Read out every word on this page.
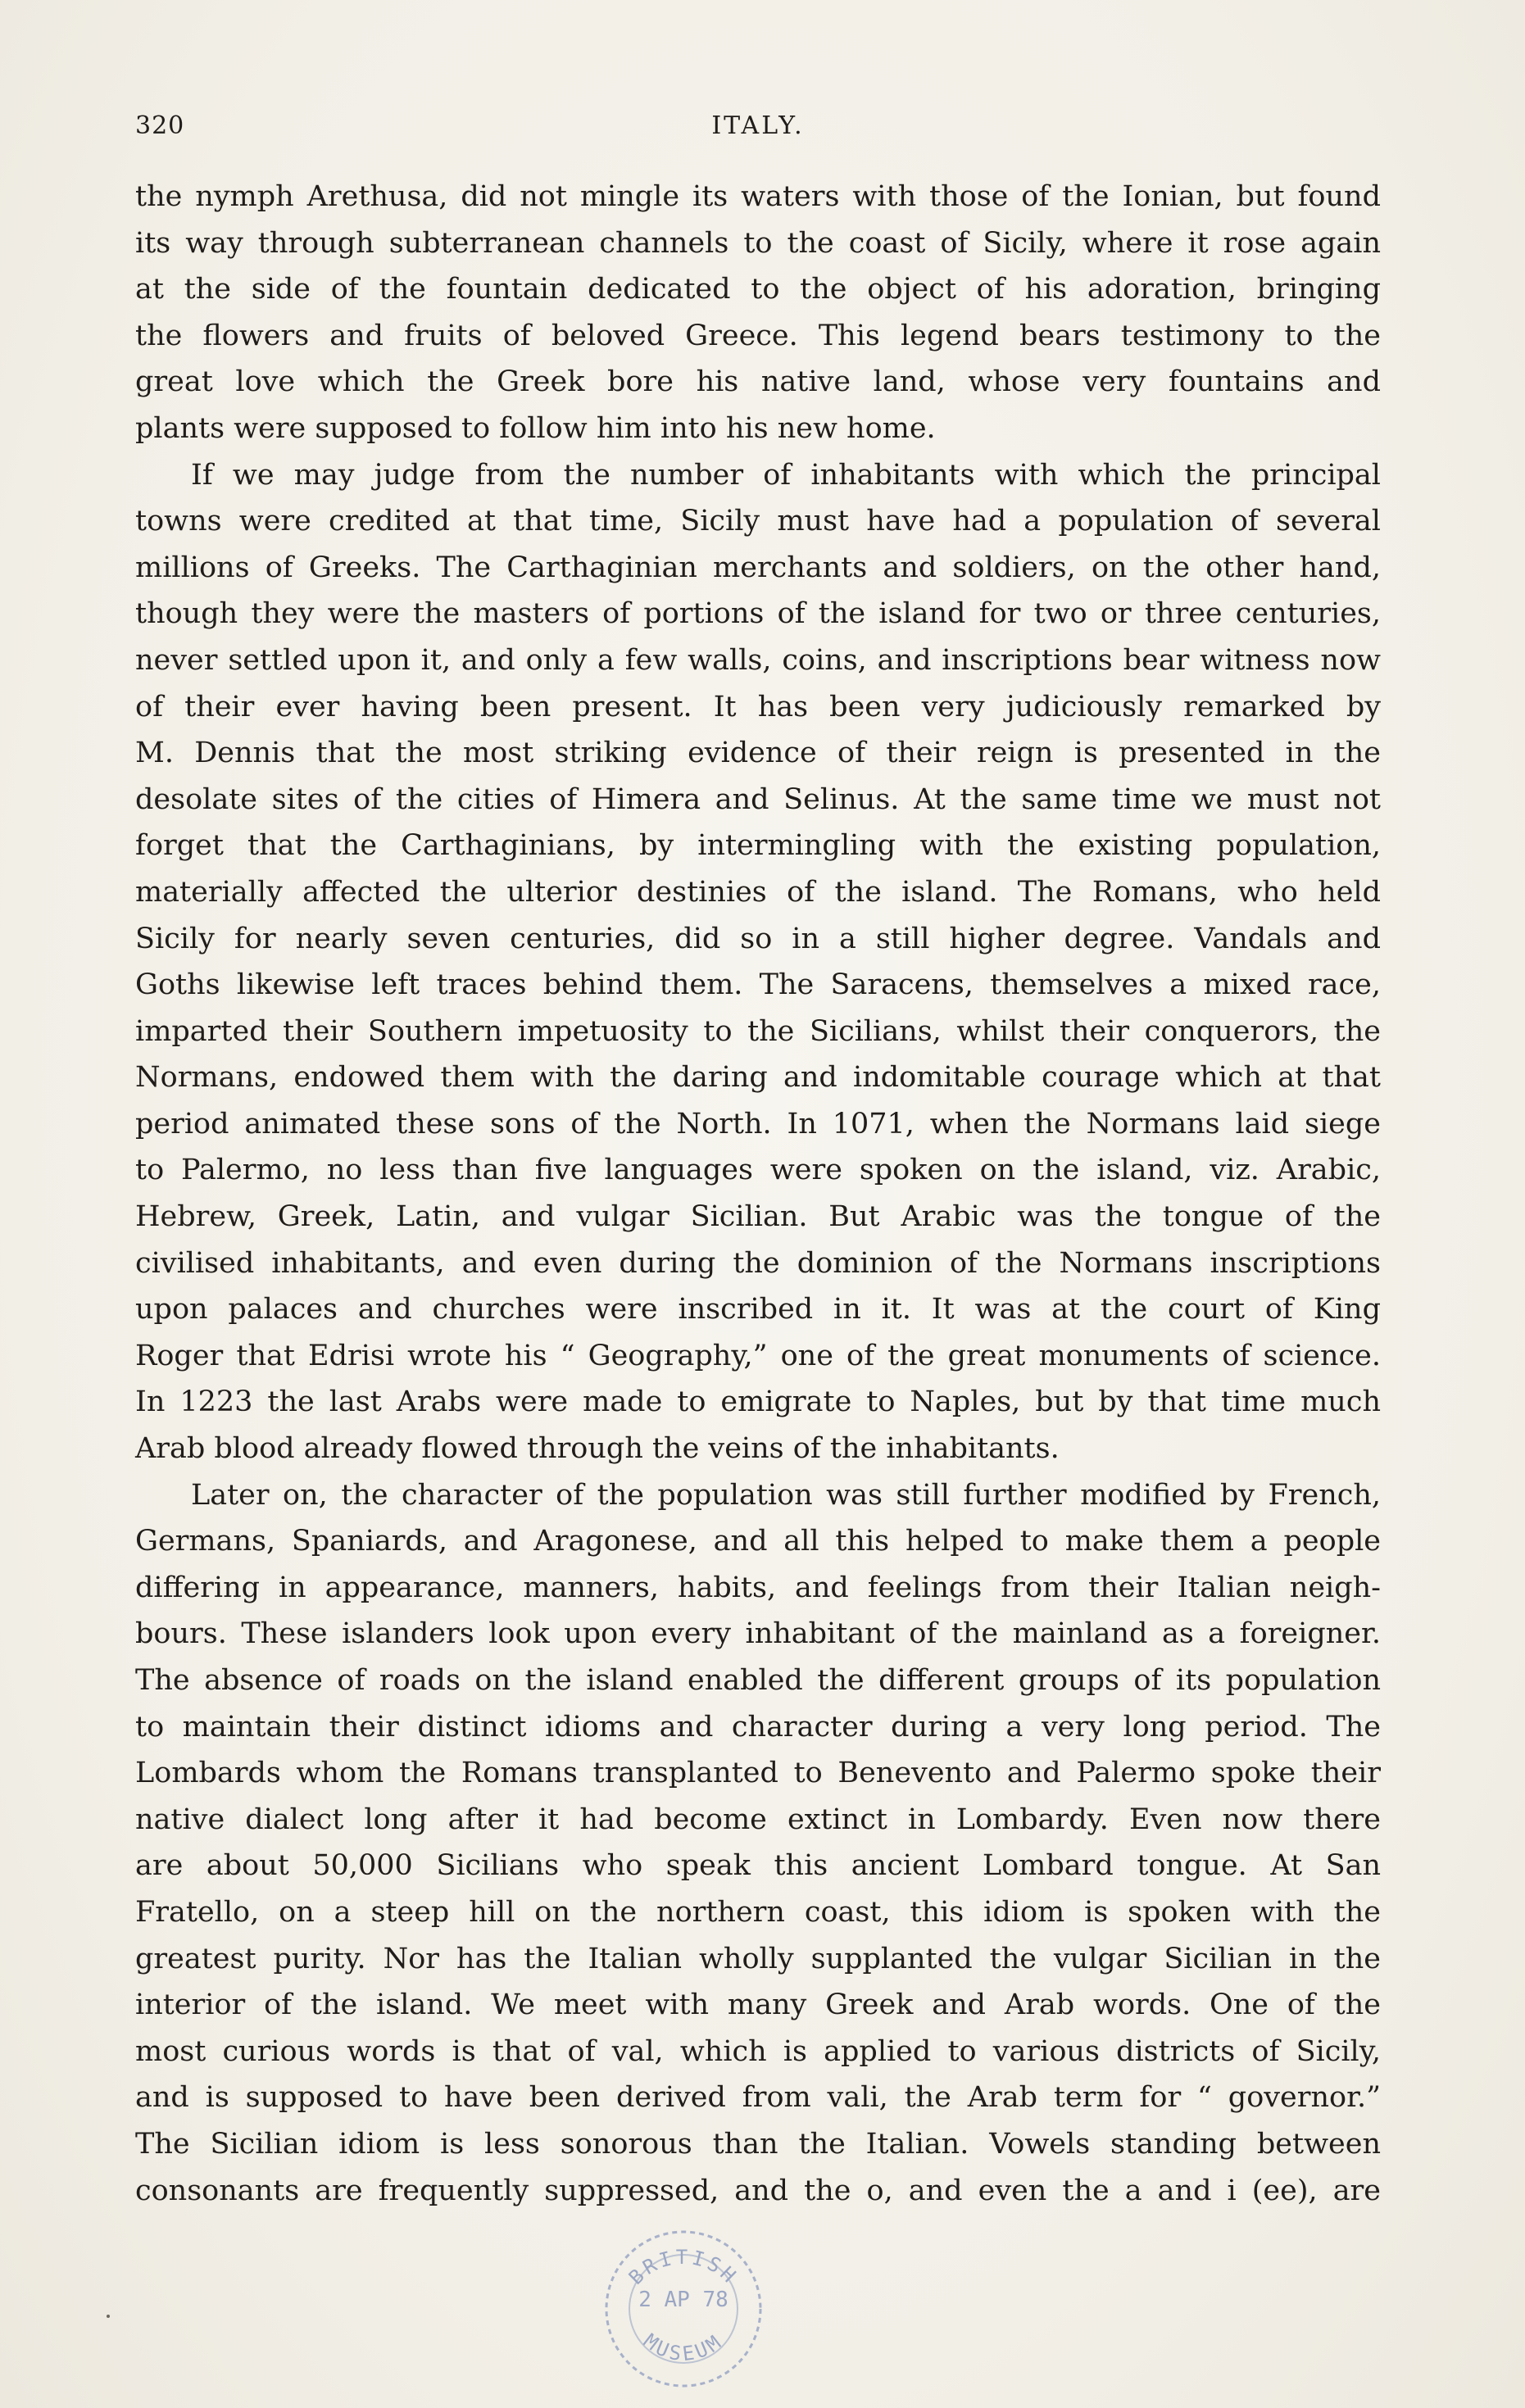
320	ITALY.
the nymph Arethusa, did not mingle its waters with those of the Ionian, but found
its way through subterranean channels to the coast of Sicily, where it rose again
at the side of the fountain dedicated to the object of his adoration, bringing
the flowers and fruits of beloved Greece. This legend bears testimony to the
great love which the Greek bore his native land, whose very fountains and
plants were supposed to follow him into his new home.
If we may judge from the number of inhabitants with which the principal
towns were credited at that time, Sicily must have had a population of several
millions of Greeks. The Carthaginian merchants and soldiers, on the other hand,
though they were the masters of portions of the island for two or three centuries,
never settled upon it, and only a few walls, coins, and inscriptions bear witness now
of their ever having been present. It has been very judiciously remarked by
M. Dennis that the most striking evidence of their reign is presented in the
desolate sites of the cities of Himera and Selinus. At the same time we must not
forget that the Carthaginians, by intermingling with the existing population,
materially affected the ulterior destinies of the island. The Romans, who held
Sicily for nearly seven centuries, did so in a still higher degree. Vandals and
Goths likewise left traces behind them. The Saracens, themselves a mixed race,
imparted their Southern impetuosity to the Sicilians, whilst their conquerors, the
Normans, endowed them with the daring and indomitable courage which at that
period animated these sons of the North. In 1071, when the Normans laid siege
to Palermo, no less than five languages were spoken on the island, viz. Arabic,
Hebrew, Greek, Latin, and vulgar Sicilian. But Arabic was the tongue of the
civilised inhabitants, and even during the dominion of the Normans inscriptions
upon palaces and churches were inscribed in it. It was at the court of King
Roger that Edrisi wrote his “ Geography,” one of the great monuments of science.
In 1223 the last Arabs were made to emigrate to Naples, but by that time much
Arab blood already flowed through the veins of the inhabitants.
Later on, the character of the population was still further modified by French,
Germans, Spaniards, and Aragonese, and all this helped to make them a people
differing in appearance, manners, habits, and feelings from their Italian neigh-
bours. These islanders look upon every inhabitant of the mainland as a foreigner.
The absence of roads on the island enabled the different groups of its population
to maintain their distinct idioms and character during a very long period. The
Lombards whom the Romans transplanted to Benevento and Palermo spoke their
native dialect long after it had become extinct in Lombardy. Even now there
are about 50,000 Sicilians who speak this ancient Lombard tongue. At San
Fratello, on a steep hill on the northern coast, this idiom is spoken with the
greatest purity. Nor has the Italian wholly supplanted the vulgar Sicilian in the
interior of the island. We meet with many Greek and Arab words. One of the
most curious words is that of val, which is applied to various districts of Sicily,
and is supposed to have been derived from vali, the Arab term for “ governor.”
The Sicilian idiom is less sonorous than the Italian. Vowels standing between
consonants are frequently suppressed, and the o, and even the a and i (ee), are
BRITISH
MUSEUM
2 AP 78
